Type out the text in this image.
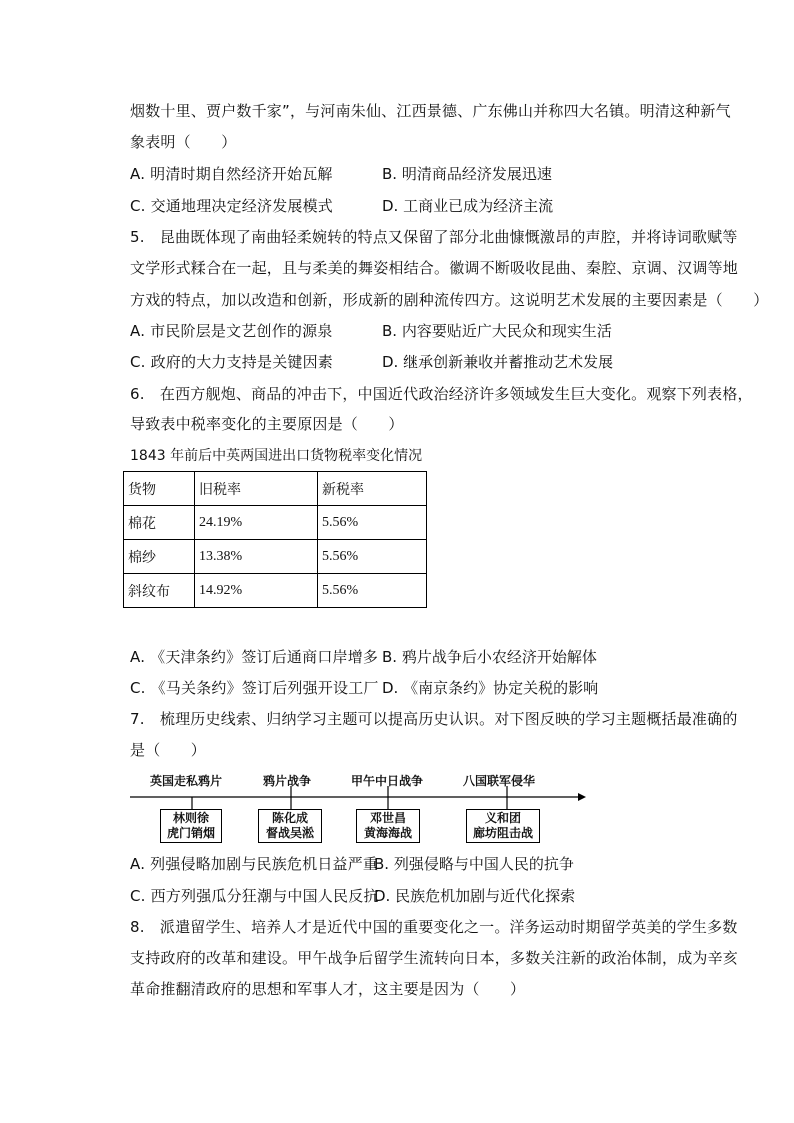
烟数十里、贾户数千家”，与河南朱仙、江西景德、广东佛山并称四大名镇。明清这种新气
象表明（　　）
A. 明清时期自然经济开始瓦解	B. 明清商品经济发展迅速
C. 交通地理决定经济发展模式	D. 工商业已成为经济主流
5.　昆曲既体现了南曲轻柔婉转的特点又保留了部分北曲慷慨激昂的声腔，并将诗词歌赋等
文学形式糅合在一起，且与柔美的舞姿相结合。徽调不断吸收昆曲、秦腔、京调、汉调等地
方戏的特点，加以改造和创新，形成新的剧种流传四方。这说明艺术发展的主要因素是（　　）
A. 市民阶层是文艺创作的源泉	B. 内容要贴近广大民众和现实生活
C. 政府的大力支持是关键因素	D. 继承创新兼收并蓄推动艺术发展
6.　在西方舰炮、商品的冲击下，中国近代政治经济许多领域发生巨大变化。观察下列表格，
导致表中税率变化的主要原因是（　　）
1843 年前后中英两国进出口货物税率变化情况
货物	旧税率	新税率
棉花	24.19%	5.56%
棉纱	13.38%	5.56%
斜纹布	14.92%	5.56%
A. 《天津条约》签订后通商口岸增多 B. 鸦片战争后小农经济开始解体
C. 《马关条约》签订后列强开设工厂 D. 《南京条约》协定关税的影响
7.　梳理历史线索、归纳学习主题可以提高历史认识。对下图反映的学习主题概括最准确的
是（　　）
英国走私鸦片	鸦片战争	甲午中日战争	八国联军侵华
林则徐
虎门销烟
陈化成
督战吴淞
邓世昌
黄海海战
义和团
廊坊阻击战
A. 列强侵略加剧与民族危机日益严重
B. 列强侵略与中国人民的抗争
C. 西方列强瓜分狂潮与中国人民反抗
D. 民族危机加剧与近代化探索
8.　派遣留学生、培养人才是近代中国的重要变化之一。洋务运动时期留学英美的学生多数
支持政府的改革和建设。甲午战争后留学生流转向日本，多数关注新的政治体制，成为辛亥
革命推翻清政府的思想和军事人才，这主要是因为（　　）
